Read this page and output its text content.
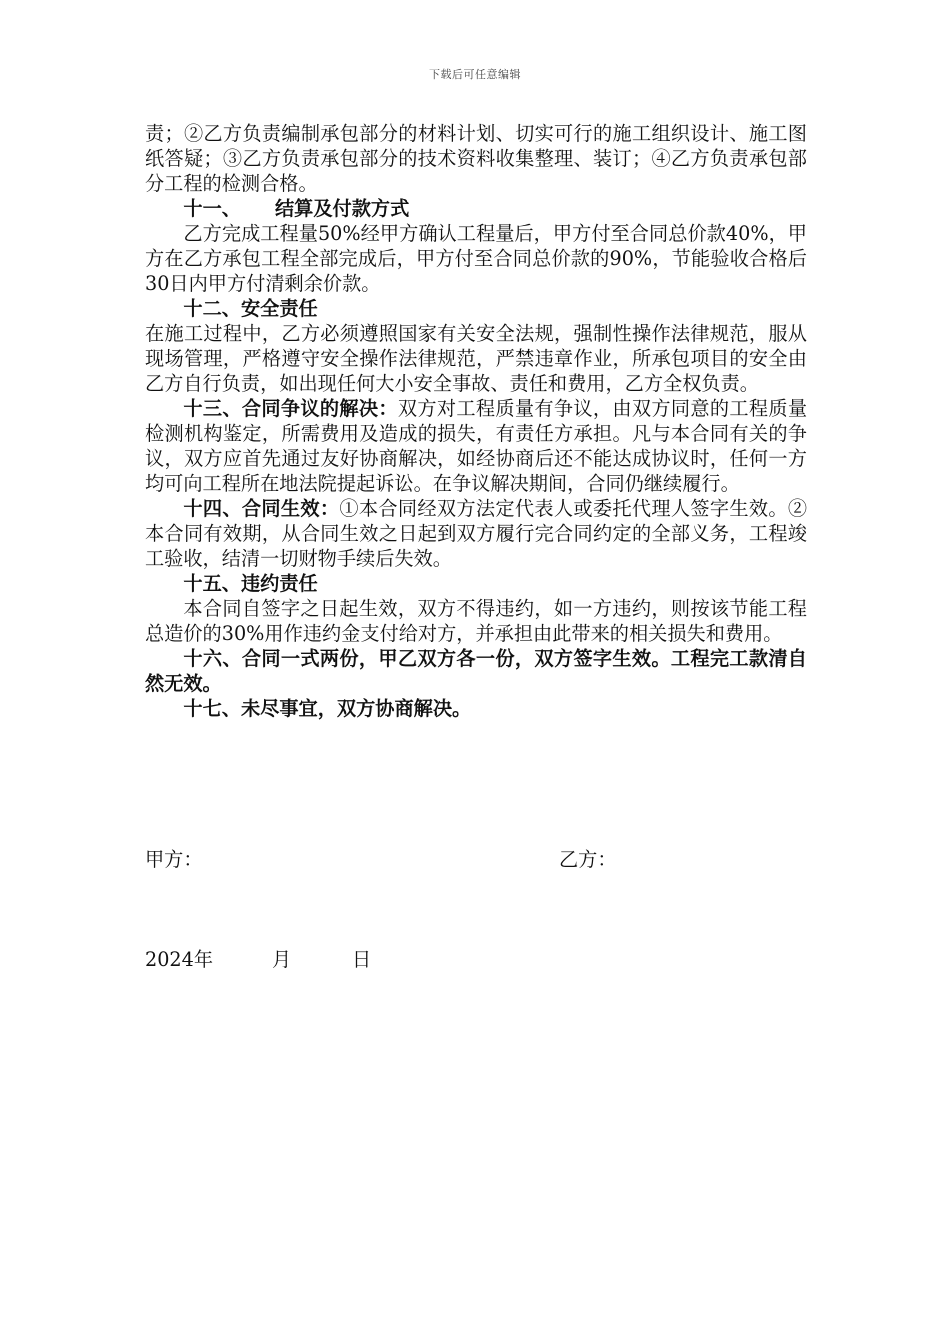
下载后可任意编辑

责；②乙方负责编制承包部分的材料计划、切实可行的施工组织设计、施工图纸答疑；③乙方负责承包部分的技术资料收集整理、装订；④乙方负责承包部分工程的检测合格。

十一、 结算及付款方式

乙方完成工程量50%经甲方确认工程量后，甲方付至合同总价款40%，甲方在乙方承包工程全部完成后，甲方付至合同总价款的90%，节能验收合格后30日内甲方付清剩余价款。

十二、安全责任

在施工过程中，乙方必须遵照国家有关安全法规，强制性操作法律规范，服从现场管理，严格遵守安全操作法律规范，严禁违章作业，所承包项目的安全由乙方自行负责，如出现任何大小安全事故、责任和费用，乙方全权负责。

十三、合同争议的解决：双方对工程质量有争议，由双方同意的工程质量检测机构鉴定，所需费用及造成的损失，有责任方承担。凡与本合同有关的争议，双方应首先通过友好协商解决，如经协商后还不能达成协议时，任何一方均可向工程所在地法院提起诉讼。在争议解决期间，合同仍继续履行。

十四、合同生效：①本合同经双方法定代表人或委托代理人签字生效。②本合同有效期，从合同生效之日起到双方履行完合同约定的全部义务，工程竣工验收，结清一切财物手续后失效。

十五、违约责任

本合同自签字之日起生效，双方不得违约，如一方违约，则按该节能工程总造价的30%用作违约金支付给对方，并承担由此带来的相关损失和费用。

十六、合同一式两份，甲乙双方各一份，双方签字生效。工程完工款清自然无效。

十七、未尽事宜，双方协商解决。

甲方：	乙方：
2024年	月	日
